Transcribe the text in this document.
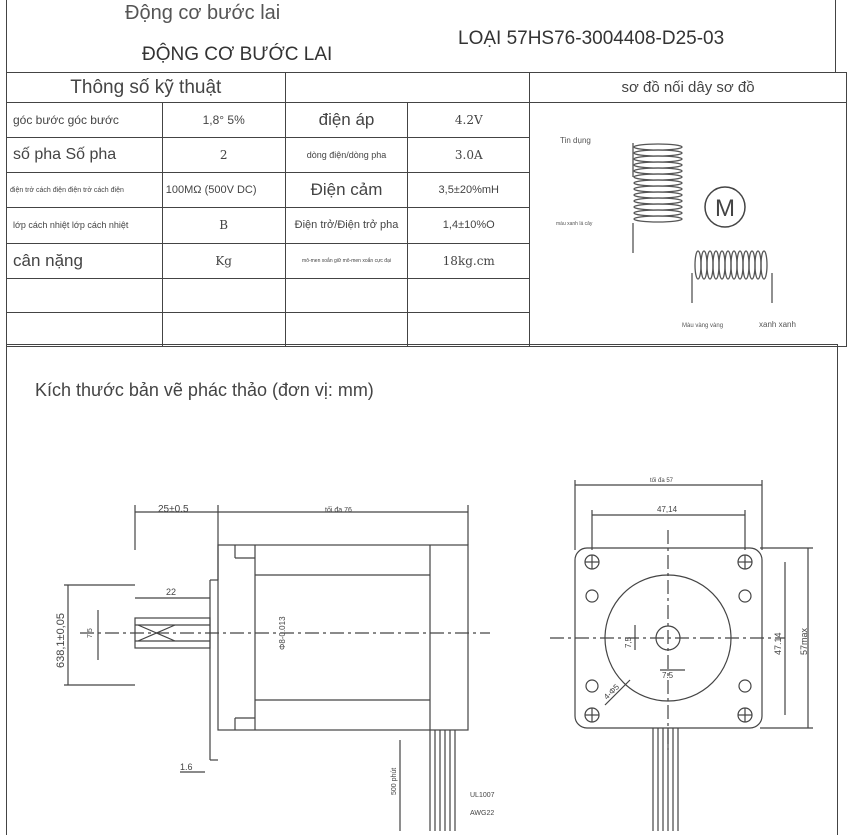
Động cơ bước lai
ĐỘNG CƠ BƯỚC LAI
LOẠI 57HS76-3004408-D25-03
Thông số kỹ thuật				sơ đồ nối dây sơ đồ
góc bước góc bước	1,8° 5%	điện áp	4.2V	Tin dụng
màu xanh lá cây
M
Màu vàng vàng xanh xanh

số pha Số pha	2	dòng điện/dòng pha	3.0A	
điện trở cách điện điện trở cách điện	100MΩ (500V DC)	Điện cảm	3,5±20%mH	
lớp cách nhiệt lớp cách nhiệt	B	Điện trở/Điện trở pha	1,4±10%O	
cân nặng	Kg	mô-men xoắn giữ mô-men xoắn cực đại	18kg.cm	

Kích thước bản vẽ phác thảo (đơn vị: mm)
25±0.5	tối đa 76
22
638,1±0,05	7,5	Φ8-0.013
1.6
500 phút
UL1007
AWG22
tối đa 57
47,14
47.14 57max
7,5
7.5
4-Φ5
